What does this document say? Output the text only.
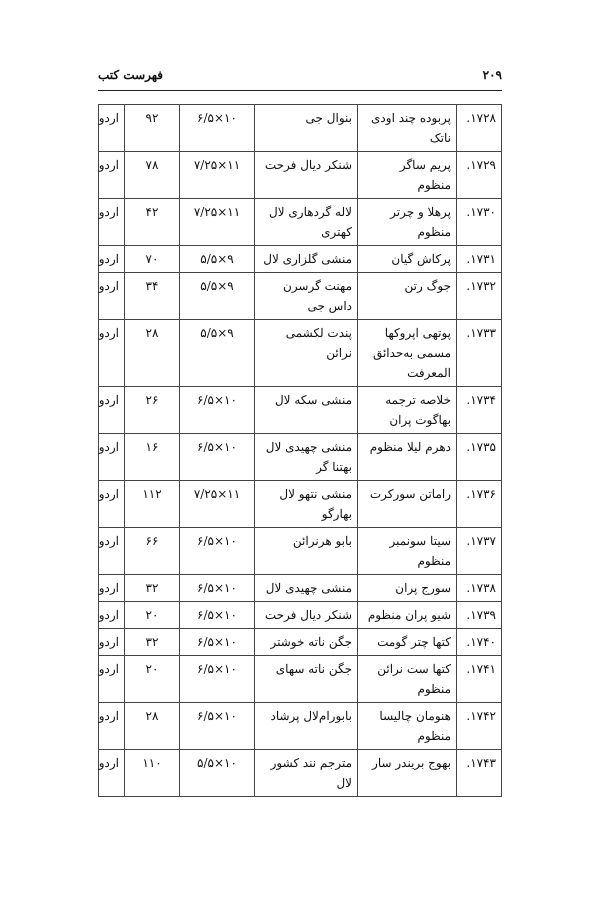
۲۰۹
فهرست کتب
۱۷۲۸.	پربوده چند اودی ناتک	بنوال جی	۱۰×۶/۵	۹۲	اردو
۱۷۲۹.	پریم ساگر منظوم	شنکر دیال فرحت	۱۱×۷/۲۵	۷۸	اردو
۱۷۳۰.	پرهلا و چرتر منظوم	لاله گردهاری لال کهتری	۱۱×۷/۲۵	۴۲	اردو
۱۷۳۱.	پرکاش گیان	منشی گلزاری لال	۹×۵/۵	۷۰	اردو
۱۷۳۲.	جوگ رتن	مهنت گرسرن داس جی	۹×۵/۵	۳۴	اردو
۱۷۳۳.	پوتهی اپروکها مسمی به‌حدائق المعرفت	پندت لکشمی نرائن	۹×۵/۵	۲۸	اردو
۱۷۳۴.	خلاصه ترجمه بهاگوت پران	منشی سکه لال	۱۰×۶/۵	۲۶	اردو
۱۷۳۵.	دهرم لیلا منظوم	منشی چهیدی لال بهتنا گر	۱۰×۶/۵	۱۶	اردو
۱۷۳۶.	راماتن سورکرت	منشی نتهو لال بهارگو	۱۱×۷/۲۵	۱۱۲	اردو
۱۷۳۷.	سیتا سونمبر منظوم	بابو هرنرائن	۱۰×۶/۵	۶۶	اردو
۱۷۳۸.	سورج پران	منشی چهیدی لال	۱۰×۶/۵	۳۲	اردو
۱۷۳۹.	شیو پران منظوم	شنکر دیال فرحت	۱۰×۶/۵	۲۰	اردو
۱۷۴۰.	کتها چتر گومت	جگن ناته خوشتر	۱۰×۶/۵	۳۲	اردو
۱۷۴۱.	کتها ست نرائن منظوم	جگن ناته سهای	۱۰×۶/۵	۲۰	اردو
۱۷۴۲.	هنومان چالیسا منظوم	بابورام‌لال پرشاد	۱۰×۶/۵	۲۸	اردو
۱۷۴۳.	بهوج بریندر سار	مترجم نند کشور لال	۱۰×۵/۵	۱۱۰	اردو
